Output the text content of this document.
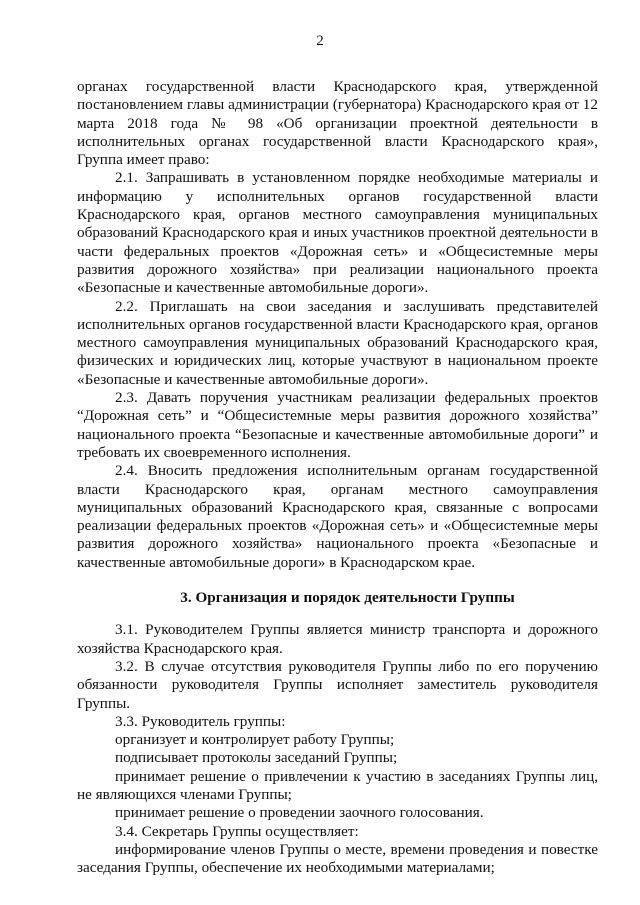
2

органах государственной власти Краснодарского края, утвержденной постановлением главы администрации (губернатора) Краснодарского края от 12 марта 2018 года № 98 «Об организации проектной деятельности в исполнительных органах государственной власти Краснодарского края», Группа имеет право:

2.1. Запрашивать в установленном порядке необходимые материалы и информацию у исполнительных органов государственной власти Краснодарского края, органов местного самоуправления муниципальных образований Краснодарского края и иных участников проектной деятельности в части федеральных проектов «Дорожная сеть» и «Общесистемные меры развития дорожного хозяйства» при реализации национального проекта «Безопасные и качественные автомобильные дороги».

2.2. Приглашать на свои заседания и заслушивать представителей исполнительных органов государственной власти Краснодарского края, органов местного самоуправления муниципальных образований Краснодарского края, физических и юридических лиц, которые участвуют в национальном проекте «Безопасные и качественные автомобильные дороги».

2.3. Давать поручения участникам реализации федеральных проектов “Дорожная сеть” и “Общесистемные меры развития дорожного хозяйства” национального проекта “Безопасные и качественные автомобильные дороги” и требовать их своевременного исполнения.

2.4. Вносить предложения исполнительным органам государственной власти Краснодарского края, органам местного самоуправления муниципальных образований Краснодарского края, связанные с вопросами реализации федеральных проектов «Дорожная сеть» и «Общесистемные меры развития дорожного хозяйства» национального проекта «Безопасные и качественные автомобильные дороги» в Краснодарском крае.

3. Организация и порядок деятельности Группы

3.1. Руководителем Группы является министр транспорта и дорожного хозяйства Краснодарского края.

3.2. В случае отсутствия руководителя Группы либо по его поручению обязанности руководителя Группы исполняет заместитель руководителя Группы.

3.3. Руководитель группы:

организует и контролирует работу Группы;

подписывает протоколы заседаний Группы;

принимает решение о привлечении к участию в заседаниях Группы лиц, не являющихся членами Группы;

принимает решение о проведении заочного голосования.

3.4. Секретарь Группы осуществляет:

информирование членов Группы о месте, времени проведения и повестке заседания Группы, обеспечение их необходимыми материалами;
